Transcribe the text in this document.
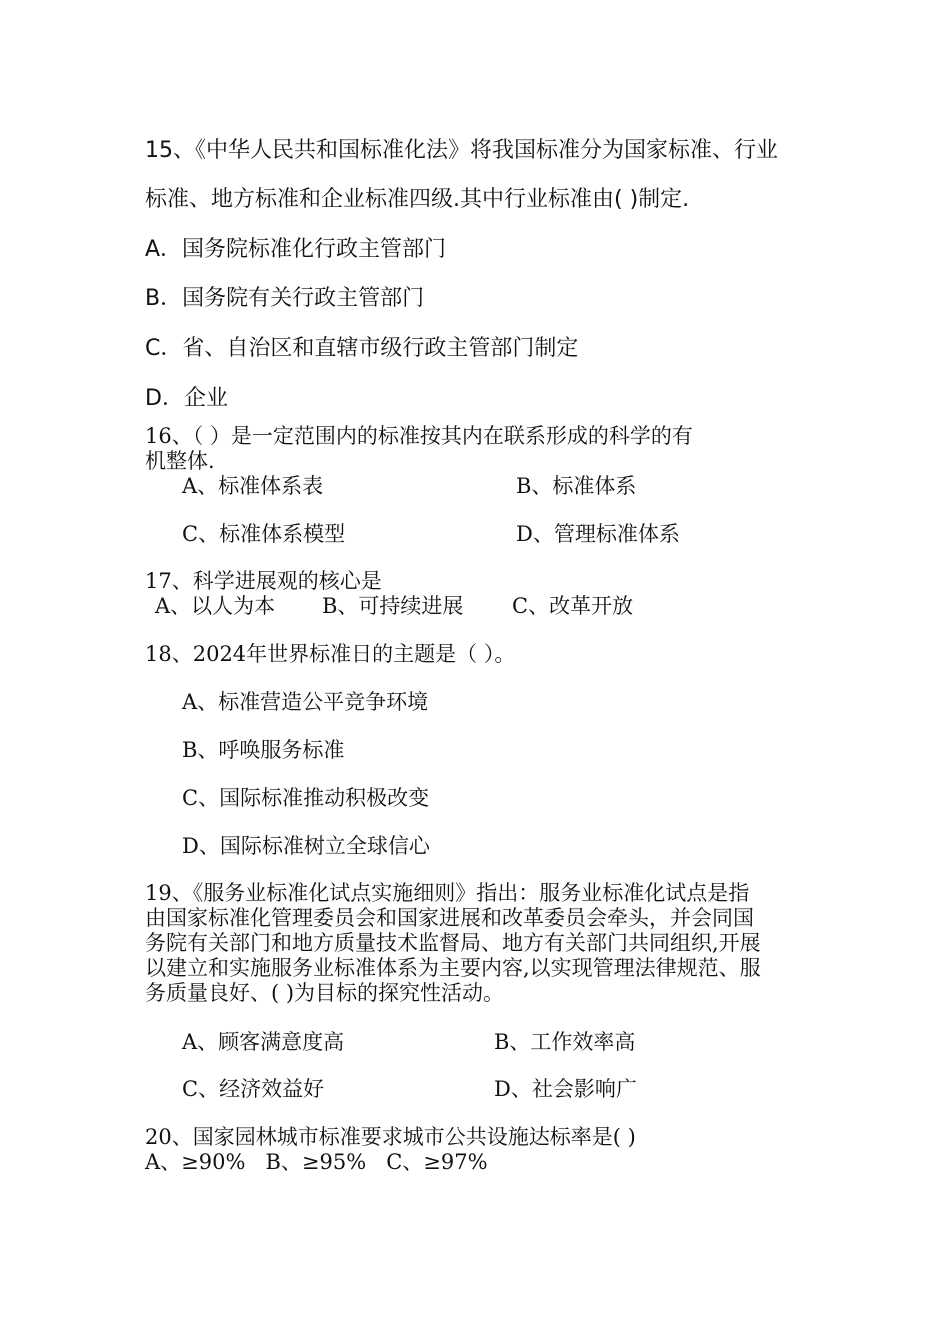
15、《中华人民共和国标准化法》将我国标准分为国家标准、行业
标准、地方标准和企业标准四级.其中行业标准由( )制定.
A．国务院标准化行政主管部门
B．国务院有关行政主管部门
C．省、自治区和直辖市级行政主管部门制定
D．企业
16、（ ）是一定范围内的标准按其内在联系形成的科学的有
机整体.
A、标准体系表	B、标准体系
C、标准体系模型	D、管理标准体系
17、科学进展观的核心是
A、以人为本 B、可持续进展 C、改革开放
18、2024年世界标准日的主题是（ ）。
A、标准营造公平竞争环境
B、呼唤服务标准
C、国际标准推动积极改变
D、国际标准树立全球信心
19、《服务业标准化试点实施细则》指出：服务业标准化试点是指
由国家标准化管理委员会和国家进展和改革委员会牵头，并会同国
务院有关部门和地方质量技术监督局、地方有关部门共同组织,开展
以建立和实施服务业标准体系为主要内容,以实现管理法律规范、服
务质量良好、( )为目标的探究性活动。
A、顾客满意度高	B、工作效率高
C、经济效益好	D、社会影响广
20、国家园林城市标准要求城市公共设施达标率是( )
A、≥90%   B、≥95%   C、≥97%
